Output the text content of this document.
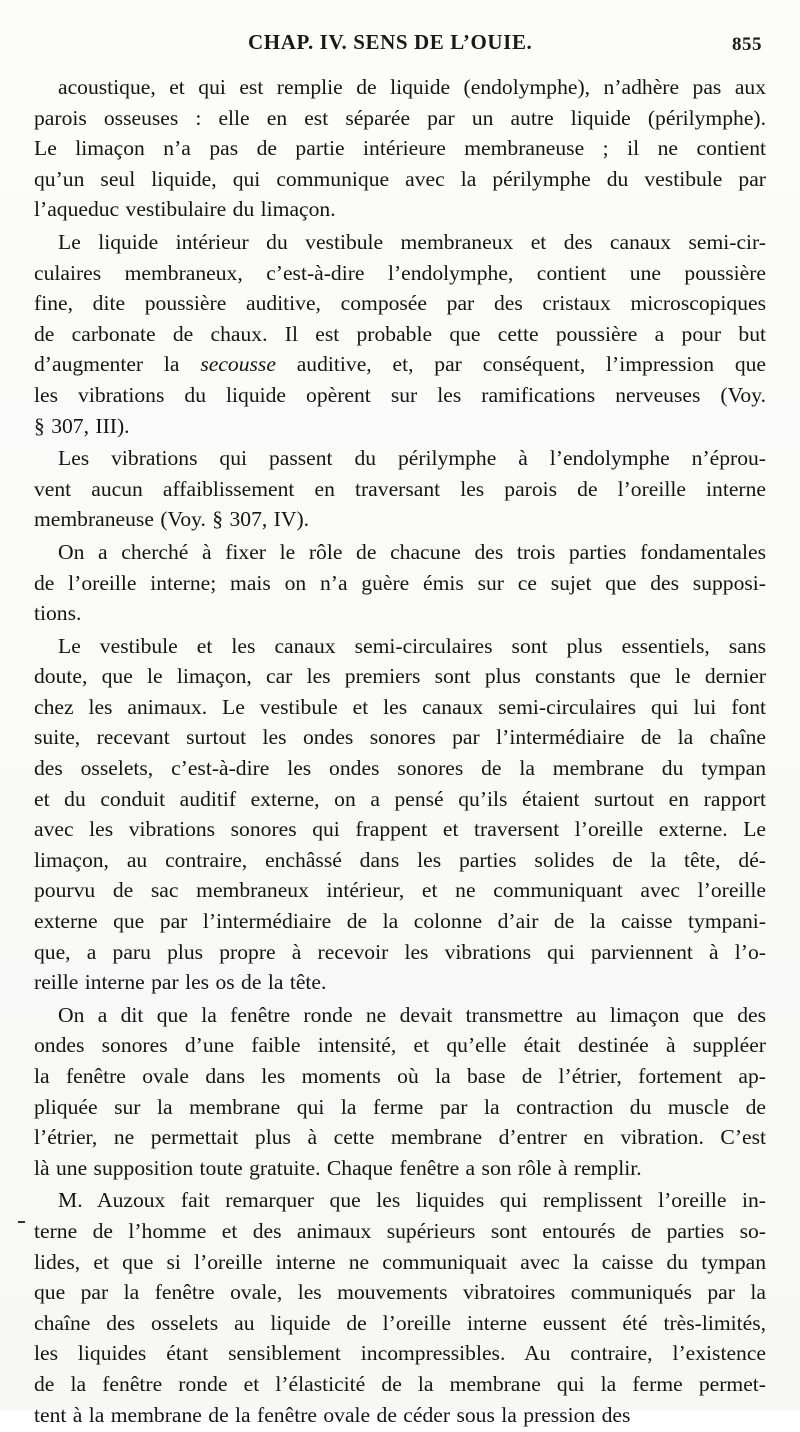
CHAP. IV. SENS DE L’OUIE.	855
acoustique, et qui est remplie de liquide (endolymphe), n’adhère pas aux
parois osseuses : elle en est séparée par un autre liquide (périlymphe).
Le limaçon n’a pas de partie intérieure membraneuse ; il ne contient
qu’un seul liquide, qui communique avec la périlymphe du vestibule par
l’aqueduc vestibulaire du limaçon.
Le liquide intérieur du vestibule membraneux et des canaux semi-cir-
culaires membraneux, c’est-à-dire l’endolymphe, contient une poussière
fine, dite poussière auditive, composée par des cristaux microscopiques
de carbonate de chaux. Il est probable que cette poussière a pour but
d’augmenter la secousse auditive, et, par conséquent, l’impression que
les vibrations du liquide opèrent sur les ramifications nerveuses (Voy.
§ 307, III).
Les vibrations qui passent du périlymphe à l’endolymphe n’éprou-
vent aucun affaiblissement en traversant les parois de l’oreille interne
membraneuse (Voy. § 307, IV).
On a cherché à fixer le rôle de chacune des trois parties fondamentales
de l’oreille interne; mais on n’a guère émis sur ce sujet que des supposi-
tions.
Le vestibule et les canaux semi-circulaires sont plus essentiels, sans
doute, que le limaçon, car les premiers sont plus constants que le dernier
chez les animaux. Le vestibule et les canaux semi-circulaires qui lui font
suite, recevant surtout les ondes sonores par l’intermédiaire de la chaîne
des osselets, c’est-à-dire les ondes sonores de la membrane du tympan
et du conduit auditif externe, on a pensé qu’ils étaient surtout en rapport
avec les vibrations sonores qui frappent et traversent l’oreille externe. Le
limaçon, au contraire, enchâssé dans les parties solides de la tête, dé-
pourvu de sac membraneux intérieur, et ne communiquant avec l’oreille
externe que par l’intermédiaire de la colonne d’air de la caisse tympani-
que, a paru plus propre à recevoir les vibrations qui parviennent à l’o-
reille interne par les os de la tête.
On a dit que la fenêtre ronde ne devait transmettre au limaçon que des
ondes sonores d’une faible intensité, et qu’elle était destinée à suppléer
la fenêtre ovale dans les moments où la base de l’étrier, fortement ap-
pliquée sur la membrane qui la ferme par la contraction du muscle de
l’étrier, ne permettait plus à cette membrane d’entrer en vibration. C’est
là une supposition toute gratuite. Chaque fenêtre a son rôle à remplir.
M. Auzoux fait remarquer que les liquides qui remplissent l’oreille in-
terne de l’homme et des animaux supérieurs sont entourés de parties so-
lides, et que si l’oreille interne ne communiquait avec la caisse du tympan
que par la fenêtre ovale, les mouvements vibratoires communiqués par la
chaîne des osselets au liquide de l’oreille interne eussent été très-limités,
les liquides étant sensiblement incompressibles. Au contraire, l’existence
de la fenêtre ronde et l’élasticité de la membrane qui la ferme permet-
tent à la membrane de la fenêtre ovale de céder sous la pression des
